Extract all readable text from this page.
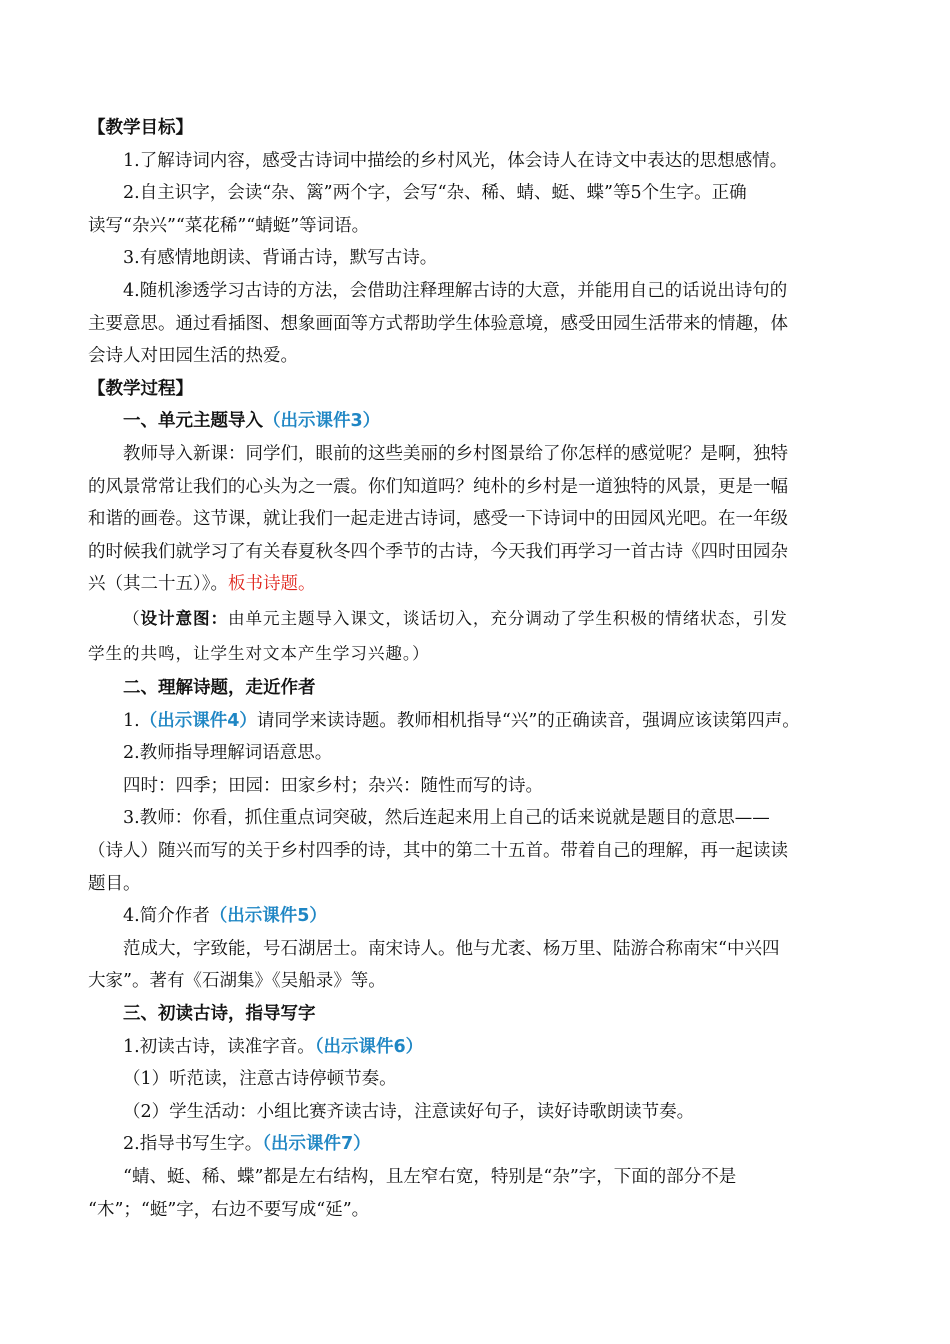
【教学目标】
1.了解诗词内容，感受古诗词中描绘的乡村风光，体会诗人在诗文中表达的思想感情。
2.自主识字，会读“杂、篱”两个字，会写“杂、稀、蜻、蜓、蝶”等5个生字。正确
读写“杂兴”“菜花稀”“蜻蜓”等词语。
3.有感情地朗读、背诵古诗，默写古诗。
4.随机渗透学习古诗的方法，会借助注释理解古诗的大意，并能用自己的话说出诗句的
主要意思。通过看插图、想象画面等方式帮助学生体验意境，感受田园生活带来的情趣，体
会诗人对田园生活的热爱。
【教学过程】
一、单元主题导入（出示课件3）
教师导入新课：同学们，眼前的这些美丽的乡村图景给了你怎样的感觉呢？是啊，独特
的风景常常让我们的心头为之一震。你们知道吗？纯朴的乡村是一道独特的风景，更是一幅
和谐的画卷。这节课，就让我们一起走进古诗词，感受一下诗词中的田园风光吧。在一年级
的时候我们就学习了有关春夏秋冬四个季节的古诗，今天我们再学习一首古诗《四时田园杂
兴（其二十五）》。板书诗题。
（设计意图：由单元主题导入课文，谈话切入，充分调动了学生积极的情绪状态，引发
学生的共鸣，让学生对文本产生学习兴趣。）
二、理解诗题，走近作者
1.（出示课件4）请同学来读诗题。教师相机指导“兴”的正确读音，强调应该读第四声。
2.教师指导理解词语意思。
四时：四季；田园：田家乡村；杂兴：随性而写的诗。
3.教师：你看，抓住重点词突破，然后连起来用上自己的话来说就是题目的意思——
（诗人）随兴而写的关于乡村四季的诗，其中的第二十五首。带着自己的理解，再一起读读
题目。
4.简介作者（出示课件5）
范成大，字致能，号石湖居士。南宋诗人。他与尤袤、杨万里、陆游合称南宋“中兴四
大家”。著有《石湖集》《吴船录》等。
三、初读古诗，指导写字
1.初读古诗，读准字音。（出示课件6）
（1）听范读，注意古诗停顿节奏。
（2）学生活动：小组比赛齐读古诗，注意读好句子，读好诗歌朗读节奏。
2.指导书写生字。（出示课件7）
“蜻、蜓、稀、蝶”都是左右结构，且左窄右宽，特别是“杂”字，下面的部分不是
“木”；“蜓”字，右边不要写成“延”。
